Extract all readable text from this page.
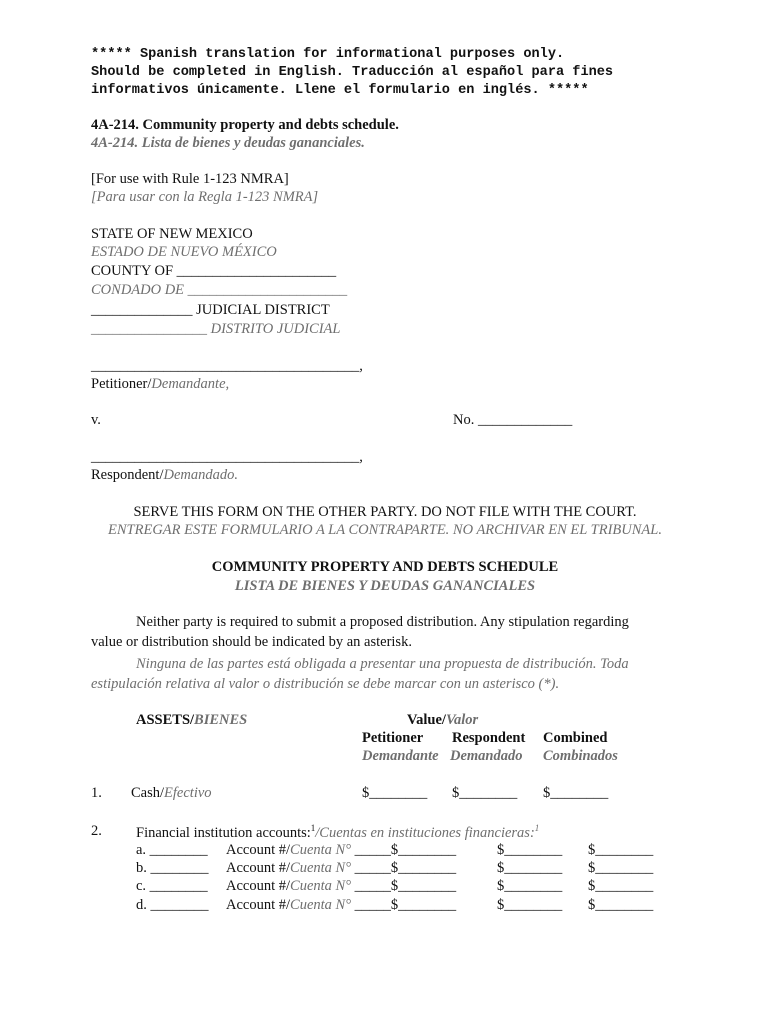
***** Spanish translation for informational purposes only.
Should be completed in English. Traducción al español para fines
informativos únicamente. Llene el formulario en inglés. *****
4A-214. Community property and debts schedule.
4A-214. Lista de bienes y deudas gananciales.
[For use with Rule 1-123 NMRA]
[Para usar con la Regla 1-123 NMRA]
STATE OF NEW MEXICO
ESTADO DE NUEVO MÉXICO
COUNTY OF ______________________
CONDADO DE ______________________
______________ JUDICIAL DISTRICT
________________ DISTRITO JUDICIAL
_____________________________________,
Petitioner/Demandante,
v.	No. _____________
_____________________________________,
Respondent/Demandado.
SERVE THIS FORM ON THE OTHER PARTY. DO NOT FILE WITH THE COURT.
ENTREGAR ESTE FORMULARIO A LA CONTRAPARTE. NO ARCHIVAR EN EL TRIBUNAL.
COMMUNITY PROPERTY AND DEBTS SCHEDULE
LISTA DE BIENES Y DEUDAS GANANCIALES
Neither party is required to submit a proposed distribution. Any stipulation regarding
value or distribution should be indicated by an asterisk.
Ninguna de las partes está obligada a presentar una propuesta de distribución. Toda
estipulación relativa al valor o distribución se debe marcar con un asterisco (*).
ASSETS/BIENES	Value/Valor
Petitioner Respondent Combined
Demandante Demandado Combinados
1. Cash/Efectivo	$________ $________ $________
2. Financial institution accounts:$^1$/Cuentas en instituciones financieras:$^1$
a. ________ Account #/Cuenta N° _____$________	$________ $________
b. ________ Account #/Cuenta N° _____$________	$________ $________
c. ________ Account #/Cuenta N° _____$________	$________ $________
d. ________ Account #/Cuenta N° _____$________	$________ $________
